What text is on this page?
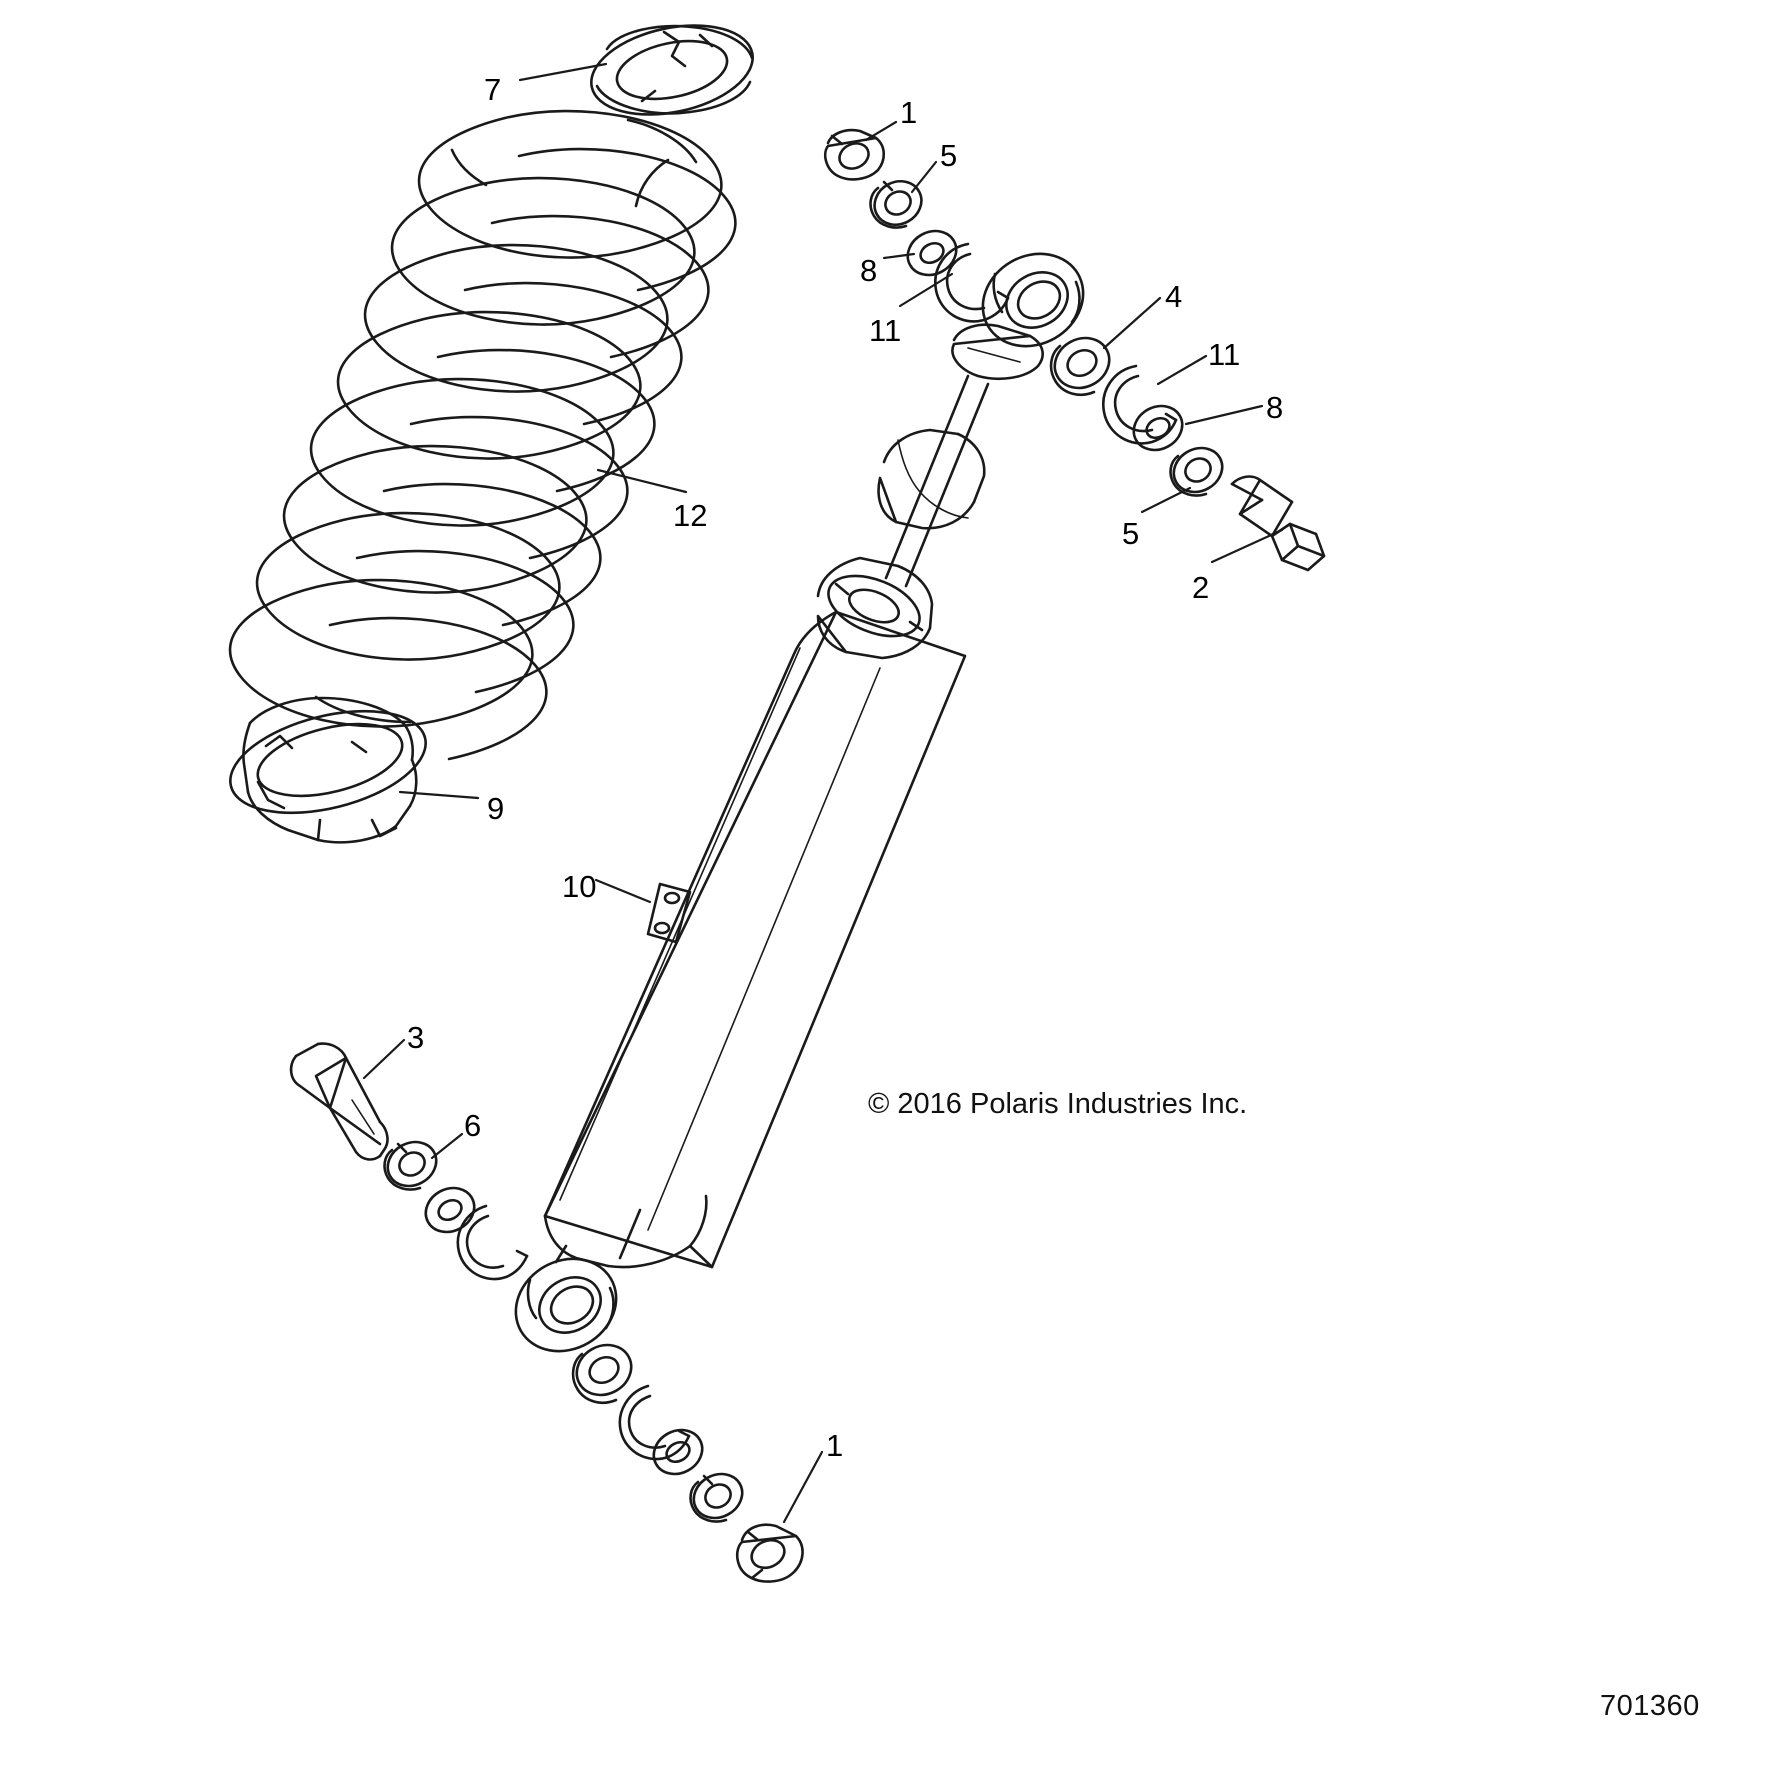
7
1
5
8
11
4
11
8
12
5
2
9
10
3
6
1
© 2016 Polaris Industries Inc.
701360
